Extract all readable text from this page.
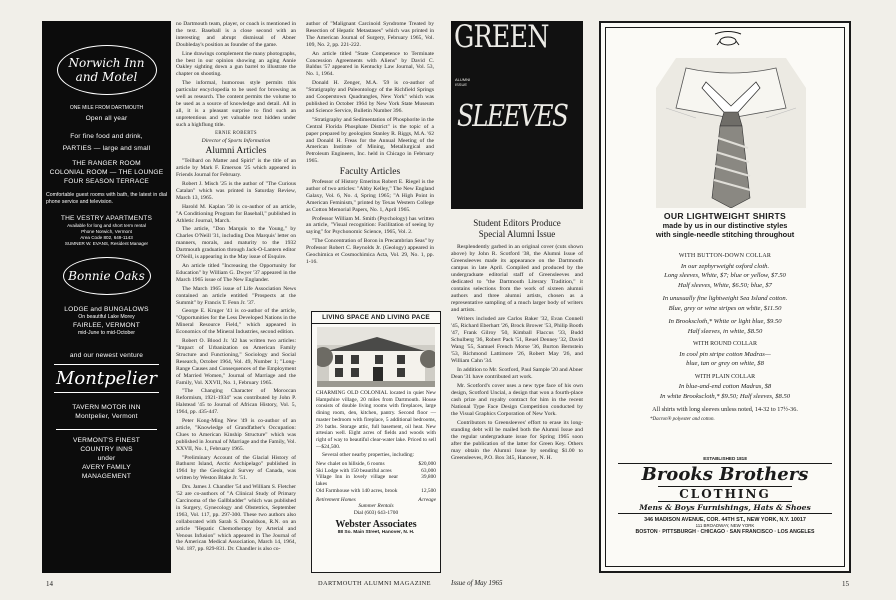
Norwich Inn
and Motel
ONE MILE FROM DARTMOUTH
Open all year
For fine food and drink,
PARTIES — large and small
THE RANGER ROOM
COLONIAL ROOM — THE LOUNGE
FOUR SEASON TERRACE
Comfortable guest rooms with bath, the latest in dial phone service and television.
THE VESTRY APARTMENTS
Available for long and short term rental
Phone Norwich, Vermont
Area Code 802, 649-1143
SUMNER W. EVANS, Resident Manager
Bonnie Oaks
LODGE and BUNGALOWS
On beautiful Lake Morey
FAIRLEE, VERMONT
mid-June to mid-October
and our newest venture
Montpelier
TAVERN MOTOR INN
Montpelier, Vermont
VERMONT'S FINEST
COUNTRY INNS
under
AVERY FAMILY
MANAGEMENT

no Dartmouth team, player, or coach is mentioned in the text. Baseball is a close second with an interesting and abrupt dismissal of Abner Doubleday's position as founder of the game.

Line drawings complement the many photographs, the best in our opinion showing an aging Annie Oakley sighting down a gun barrel to illustrate the chapter on shooting.

The informal, humorous style permits this particular encyclopedia to be used for browsing as well as research. The content permits the volume to be used as a source of knowledge and detail. All in all, it is a pleasant surprise to find such an unpretentious and yet valuable text hidden under such a highflung title.

ERNIE ROBERTS
Director of Sports Information
Alumni Articles

"Teilhard on Matter and Spirit" is the title of an article by Mark F. Emerson '25 which appeared in Friends Journal for February.

Robert J. Misch '25 is the author of "The Curious Catalan" which was printed in Saturday Review, March 13, 1965.

Harold M. Kaplan '30 is co-author of an article, "A Conditioning Program for Baseball," published in Athletic Journal, March.

The article, "Don Marquis to the Young," by Charles O'Neill '31, including Don Marquis' letter on manners, morals, and maturity to the 1932 Dartmouth graduation through Jack-O-Lantern editor O'Neill, is appearing in the May issue of Esquire.

An article titled "Increasing the Opportunity for Education" by William G. Dwyer '37 appeared in the March 1965 issue of The New Englander.

The March 1965 issue of Life Association News contained an article entitled "Prospects at the Summit" by Francis T. Fenn Jr. '37.

George E. Kruger '41 is co-author of the article, "Opportunities for the Less Developed Nations in the Mineral Resource Field," which appeared in Economics of the Mineral Industries, second edition.

Robert O. Blood Jr. '42 has written two articles: "Impact of Urbanization on American Family Structure and Functioning," Sociology and Social Research, October 1964, Vol. 49, Number 1; "Long-Range Causes and Consequences of the Employment of Married Women," Journal of Marriage and the Family, Vol. XXVII, No. 1, February 1965.

"The Changing Character of Moroccan Reformism, 1921-1934" was contributed by John P. Halstead '45 to Journal of African History, Vol. 5, 1964, pp. 435-447.

Peter Kong-Ming New '49 is co-author of an article, "Knowledge of Grandfather's Occupation: Clues to American Kinship Structure" which was published in Journal of Marriage and the Family, Vol. XXVII, No. 1, February 1965.

"Preliminary Account of the Glacial History of Bathurst Island, Arctic Archipelago" published in 1964 by the Geological Survey of Canada, was written by Weston Blake Jr. '51.

Drs. James J. Chandler '54 and William S. Fletcher '52 are co-authors of "A Clinical Study of Primary Carcinoma of the Gallbladder" which was published in Surgery, Gynecology and Obstetrics, September 1963, Vol. 117, pp. 297-300. These two authors also collaborated with Sarah S. Donaldson, R.N. on an article "Hepatic Chemotherapy by Arterial and Venous Infusion" which appeared in The Journal of the American Medical Association, March 14, 1964, Vol. 187, pp. 829-831. Dr. Chandler is also co-

author of "Malignant Carcinoid Syndrome Treated by Resection of Hepatic Metastases" which was printed in The American Journal of Surgery, February 1965, Vol. 109, No. 2, pp. 221-222.

An article titled "State Competence to Terminate Concession Agreements with Aliens" by David C. Baldus '57 appeared in Kentucky Law Journal, Vol. 53, No. 1, 1964.

Donald H. Zenger, M.A. '59 is co-author of "Stratigraphy and Paleontology of the Richfield Springs and Cooperstown Quadrangles, New York" which was published in October 1964 by New York State Museum and Science Service, Bulletin Number 396.

"Stratigraphy and Sedimentation of Phosphorite in the Central Florida Phosphate District" is the topic of a paper prepared by geologists Stanley R. Riggs, M.A. '62 and Donald H. Freas for the Annual Meeting of the American Institute of Mining, Metallurgical and Petroleum Engineers, Inc. held in Chicago in February 1965.

Faculty Articles

Professor of History Emeritus Robert E. Riegel is the author of two articles: "Abby Kelley," The New England Galaxy, Vol. 6, No. 4, Spring 1965; "A High Point in American Feminism," printed by Texas Western College as Cotton Memorial Papers, No. 1, April 1965.

Professor William M. Smith (Psychology) has written an article, "Visual recognition: Facilitation of seeing by saying" for Psychonomic Science, 1965, Vol. 2.

"The Concentration of Boron in Precambrian Seas" by Professor Robert C. Reynolds Jr. (Geology) appeared in Geochimica et Cosmochimica Acta, Vol. 29, No. 1, pp. 1-16.

LIVING SPACE AND LIVING PACE

CHARMING OLD COLONIAL located in quiet New Hampshire village, 20 miles from Dartmouth. House consists of double living rooms with fireplaces, large dining room, den, kitchen, pantry. Second floor — master bedroom with fireplace, 5 additional bedrooms, 2½ baths. Storage attic, full basement, oil heat. New artesian well. Eight acres of fields and woods with right of way to beautiful clear-water lake. Priced to sell —$24,500.

Several other nearby properties, including:

New chalet on hillside, 6 rooms	$20,000
Ski Lodge with 150 beautiful acres	63,000
Village Inn in lovely village near lakes
39,800
Old Farmhouse with 140 acres, brook	12,500
Retirement Homes	Acreage
Summer Rentals
Dial (603) 643-1700
Webster Associates
88 So. Main Street, Hanover, N. H.
GREEN
SLEEVES
ALUMNI ISSUE
Student Editors Produce
Special Alumni Issue

Resplendently garbed in an original cover (cuts shown above) by John R. Scotford '38, the Alumni Issue of Greensleeves made its appearance on the Dartmouth campus in late April. Compiled and produced by the undergraduate editorial staff of Greensleeves and dedicated to "the Dartmouth Literary Tradition," it contains selections from the work of sixteen alumni authors and three alumni artists, chosen as a representative sampling of a much larger body of writers and artists.

Writers included are Carlos Baker '32, Evan Connell '45, Richard Eberhart '26, Brock Brower '53, Philip Booth '47, Frank Gilroy '50, Kimball Flaccus '33, Budd Schulberg '36, Robert Pack '51, Reuel Denney '32, David Wang '55, Samuel French Morse '36, Burton Bernstein '53, Richmond Lattimore '26, Robert May '26, and William Cahn '34.

In addition to Mr. Scotford, Paul Sample '20 and Abner Dean '31 have contributed art work.

Mr. Scotford's cover uses a new type face of his own design, Scotford Uncial, a design that won a fourth-place cash prize and royalty contract for him in the recent National Type Face Design Competition conducted by the Visual Graphics Corporation of New York.

Contributors to Greensleeves' effort to erase its long-standing debt will be mailed both the Alumni Issue and the regular undergraduate issue for Spring 1965 soon after the publication of the latter for Green Key. Others may obtain the Alumni Issue by sending $1.00 to Greensleeves, P.O. Box 345, Hanover, N. H.

OUR LIGHTWEIGHT SHIRTS
made by us in our distinctive styles
with single-needle stitching throughout
WITH BUTTON-DOWN COLLAR
In our zephyrweight oxford cloth.
Long sleeves, White, $7; blue or yellow, $7.50
Half sleeves, White, $6.50; blue, $7
In unusually fine lightweight Sea Island cotton.
Blue, grey or wine stripes on white, $11.50
In Brookscloth,* White or light blue, $9.50
Half sleeves, in white, $8.50
WITH ROUND COLLAR
In cool pin stripe cotton Madras—
blue, tan or grey on white, $8
WITH PLAIN COLLAR
In blue-and-end cotton Madras, $8
In white Brookscloth,* $9.50; Half sleeves, $8.50
All shirts with long sleeves unless noted, 14-32 to 17½-36.
*Dacron® polyester and cotton.
ESTABLISHED 1818
Brooks Brothers
CLOTHING
Mens & Boys Furnishings, Hats & Shoes
346 MADISON AVENUE, COR. 44TH ST., NEW YORK, N.Y. 10017
111 BROADWAY, NEW YORK
BOSTON · PITTSBURGH · CHICAGO · SAN FRANCISCO · LOS ANGELES
14	DARTMOUTH ALUMNI MAGAZINE	Issue of May 1965	15
